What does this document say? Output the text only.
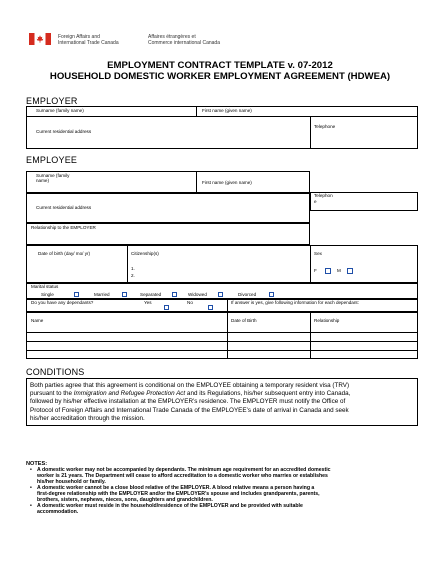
Foreign Affairs and
International Trade Canada
Affaires étrangères et
Commerce international Canada
EMPLOYMENT CONTRACT TEMPLATE v. 07-2012
HOUSEHOLD DOMESTIC WORKER EMPLOYMENT AGREEMENT (HDWEA)
EMPLOYER
Surname (family name)	First name (given name)
Current residential address
Telephone
EMPLOYEE
Surname (family
name)	First name (given name)
Telephon
e
Current residential address
Relationship to the EMPLOYER
Date of birth (day/ mo/ yr)	Citizenship(s)
1.
2.
Sex
F	M
Marital status
Single	Married	Separated	Widowed	Divorced
Do you have any dependants?	Yes	No	If answer is yes, give following information for each dependant:
Name	Date of Birth	Relationship
CONDITIONS
Both parties agree that this agreement is conditional on the EMPLOYEE obtaining a temporary resident visa (TRV)
pursuant to the Immigration and Refugee Protection Act and its Regulations, his/her subsequent entry into Canada,
followed by his/her effective installation at the EMPLOYER’s residence. The EMPLOYER must notify the Office of
Protocol of Foreign Affairs and International Trade Canada of the EMPLOYEE’s date of arrival in Canada and seek
his/her accreditation through the mission.
NOTES:
• A domestic worker may not be accompanied by dependants. The minimum age requirement for an accredited domestic
worker is 21 years. The Department will cease to afford accreditation to a domestic worker who marries or establishes
his/her household or family.
• A domestic worker cannot be a close blood relative of the EMPLOYER. A blood relative means a person having a
first-degree relationship with the EMPLOYER and/or the EMPLOYER’s spouse and includes grandparents, parents,
brothers, sisters, nephews, nieces, sons, daughters and grandchildren.
• A domestic worker must reside in the household/residence of the EMPLOYER and be provided with suitable
accommodation.
